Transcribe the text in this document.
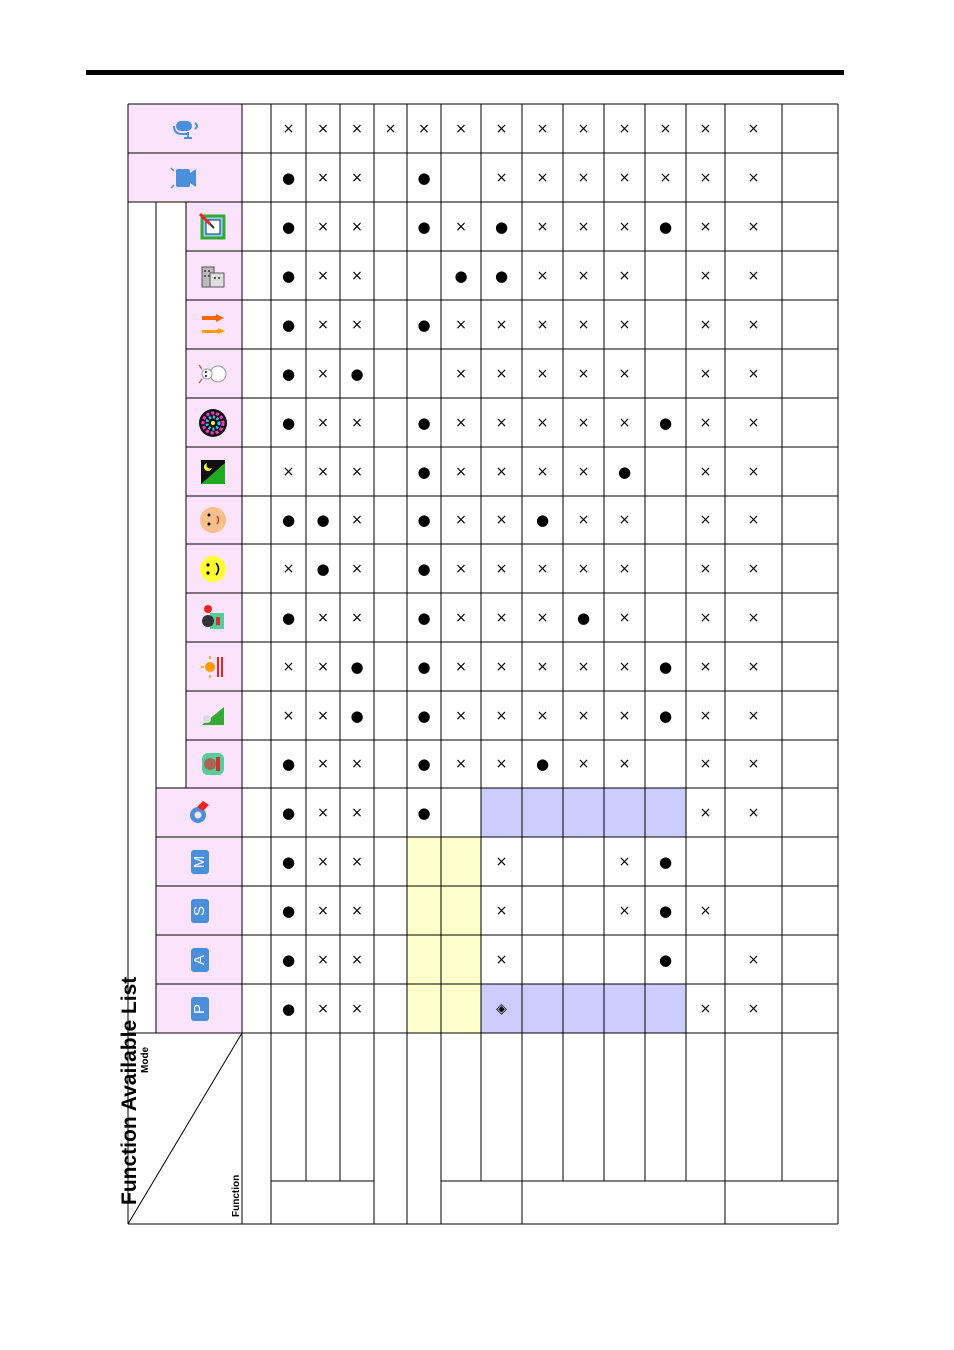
Function Available List Mode
Function
P
A
S
M
●
●
●
●
●
●
×
×
●
×
●
×
●
●
●
●
●
●
×
×
×
×
×
×
×
×
×
×
●
●
×
×
×
×
×
×
×
×
×
×
×
×
×
×
●
●
×
×
×
×
×
●
×
×
×
×
× ×
●
●
●
●
●
●
●
●
●
●
●
●
×
×
×
×
×
×
×
×
×
×
×
●
×
×
◈
×
×
×
×
×
×
×
×
×
×
×
×
×
●
●
×
×
●
×
×
×
×
●
×
×
×
×
×
×
×
×
×
×
×
●
×
×
×
×
×
×
×
×
×
×
×
×
×
×
×
×
×
×
●
×
×
×
×
×
×
×
●
●
●
●
●
●
●
×
×
×
×
×
×
×
×
×
×
×
×
×
×
×
×
×
×
×
×
×
×
×
×
×
×
×
×
×
×
×
×
×
×
×
×
